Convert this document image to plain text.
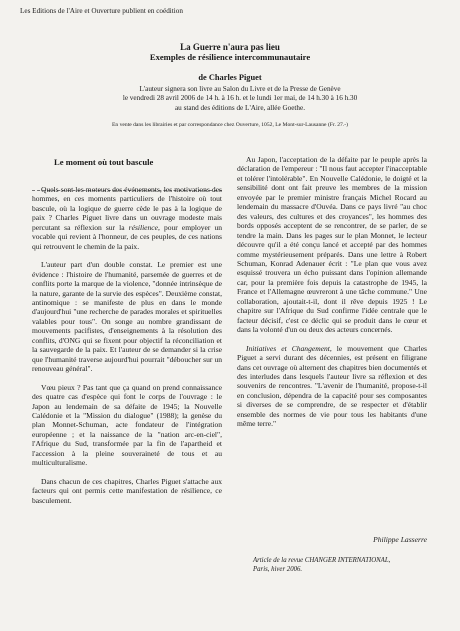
Les Editions de l'Aire et Ouverture publient en coédition
La Guerre n'aura pas lieu
Exemples de résilience intercommunautaire
de Charles Piguet
L'auteur signera son livre au Salon du Livre et de la Presse de Genève
le vendredi 28 avril 2006 de 14 h. à 16 h. et le lundi 1er mai, de 14 h.30 à 16 h.30
au stand des éditions de L'Aire, allée Goethe.
En vente dans les librairies et par correspondance chez Ouverture, 1052, Le Mont-sur-Lausanne (Fr. 27.-)
Le moment où tout bascule

Quels sont les moteurs des événements, les motivations des hommes, en ces moments particuliers de l'histoire où tout bascule, où la logique de guerre cède le pas à la logique de paix ? Charles Piguet livre dans un ouvrage modeste mais percutant sa réflexion sur la résilience, pour employer un vocable qui revient à l'honneur, de ces peuples, de ces nations qui retrouvent le chemin de la paix.

L'auteur part d'un double constat. Le premier est une évidence : l'histoire de l'humanité, parsemée de guerres et de conflits porte la marque de la violence, "donnée intrinsèque de la nature, garante de la survie des espèces". Deuxième constat, antinomique : se manifeste de plus en dans le monde d'aujourd'hui "une recherche de parades morales et spirituelles valables pour tous". On songe au nombre grandissant de mouvements pacifistes, d'enseignements à la résolution des conflits, d'ONG qui se fixent pour objectif la réconciliation et la sauvegarde de la paix. Et l'auteur de se demander si la crise que l'humanité traverse aujourd'hui pourrait "déboucher sur un renouveau général".

Vœu pieux ? Pas tant que ça quand on prend connaissance des quatre cas d'espèce qui font le corps de l'ouvrage : le Japon au lendemain de sa défaite de 1945; la Nouvelle Calédonie et la "Mission du dialogue" (1988); la genèse du plan Monnet-Schuman, acte fondateur de l'intégration européenne ; et la naissance de la "nation arc-en-ciel", l'Afrique du Sud, transformée par la fin de l'apartheid et l'accession à la pleine souveraineté de tous et au multiculturalisme.

Dans chacun de ces chapitres, Charles Piguet s'attache aux facteurs qui ont permis cette manifestation de résilience, ce basculement.

Au Japon, l'acceptation de la défaite par le peuple après la déclaration de l'empereur : "Il nous faut accepter l'inacceptable et tolérer l'intolérable". En Nouvelle Calédonie, le doigté et la sensibilité dont ont fait preuve les membres de la mission envoyée par le premier ministre français Michel Rocard au lendemain du massacre d'Ouvéa. Dans ce pays livré "au choc des valeurs, des cultures et des croyances", les hommes des bords opposés acceptent de se rencontrer, de se parler, de se tendre la main. Dans les pages sur le plan Monnet, le lecteur découvre qu'il a été conçu lancé et accepté par des hommes comme mystérieusement préparés. Dans une lettre à Robert Schuman, Konrad Adenauer écrit : "Le plan que vous avez esquissé trouvera un écho puissant dans l'opinion allemande car, pour la première fois depuis la catastrophe de 1945, la France et l'Allemagne œuvreront à une tâche commune." Une collaboration, ajoutait-t-il, dont il rêve depuis 1925 ! Le chapitre sur l'Afrique du Sud confirme l'idée centrale que le facteur décisif, c'est ce déclic qui se produit dans le cœur et dans la volonté d'un ou deux des acteurs concernés.

Initiatives et Changement, le mouvement que Charles Piguet a servi durant des décennies, est présent en filigrane dans cet ouvrage où alternent des chapitres bien documentés et des interludes dans lesquels l'auteur livre sa réflexion et des souvenirs de rencontres. "L'avenir de l'humanité, propose-t-il en conclusion, dépendra de la capacité pour ses composantes si diverses de se comprendre, de se respecter et d'établir ensemble des normes de vie pour tous les habitants d'une même terre."

Philippe Lasserre
Article de la revue CHANGER INTERNATIONAL,
Paris, hiver 2006.
